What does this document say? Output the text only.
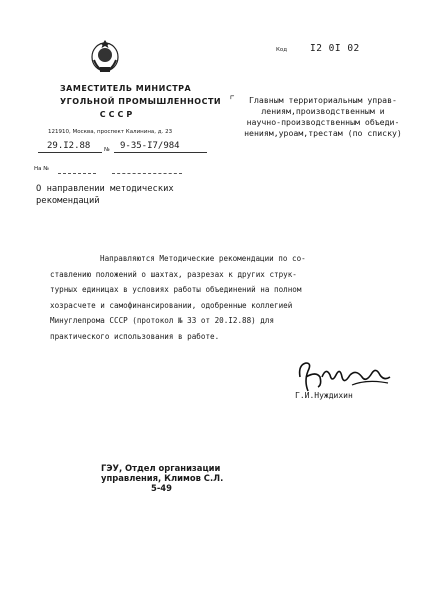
Код I2 0I 02
ЗАМЕСТИТЕЛЬ МИНИСТРА
УГОЛЬНОЙ ПРОМЫШЛЕННОСТИ
СССР
121910, Москва, проспект Калинина, д. 23
29.I2.88 № 9-35-I7/984
На №
⌜	Главным территориальным управ-
лениям,производственным и
научно-производственным объеди-
нениям,уроам,трестам (по списку)
О направлении методических
рекомендаций
Направляются Методические рекомендации по со-
ставлению положений о шахтах, разрезах к других струк-
турных единицах в условиях работы объединений на полном
хозрасчете и самофинансировании, одобренные коллегией
Минуглепрома СССР (протокол № 33 от 20.I2.88) для
практического использования в работе.
Г.И.Нуждихин
ГЭУ, Отдел организации
управления, Климов С.Л.
5-49
